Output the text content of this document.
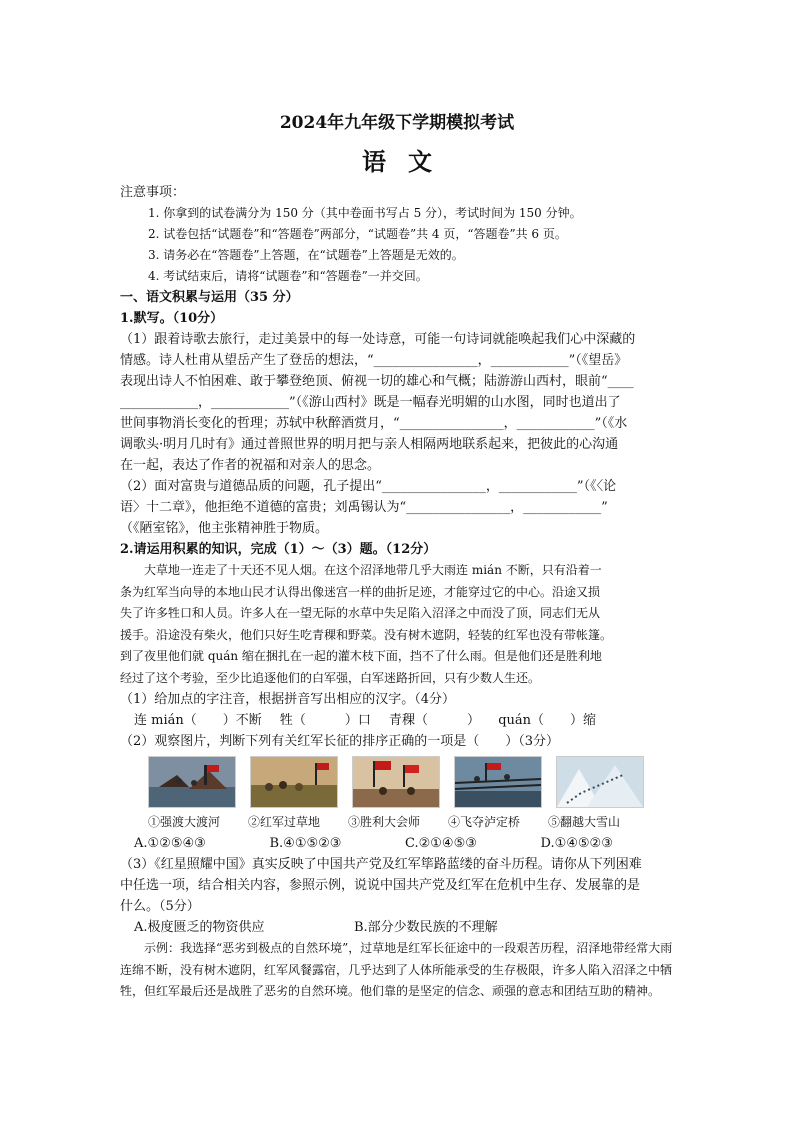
2024年九年级下学期模拟考试
语文
注意事项：
1. 你拿到的试卷满分为 150 分（其中卷面书写占 5 分），考试时间为 150 分钟。
2. 试卷包括“试题卷”和“答题卷”两部分，“试题卷”共 4 页，“答题卷”共 6 页。
3. 请务必在“答题卷”上答题，在“试题卷”上答题是无效的。
4. 考试结束后，请将“试题卷”和“答题卷”一并交回。
一、语文积累与运用（35 分）
1.默写。（10分）
（1）跟着诗歌去旅行，走过美景中的每一处诗意，可能一句诗词就能唤起我们心中深藏的
情感。诗人杜甫从望岳产生了登岳的想法，“________________，____________”（《望岳》
表现出诗人不怕困难、敢于攀登绝顶、俯视一切的雄心和气概；陆游游山西村，眼前“____
____________，____________”（《游山西村》既是一幅春光明媚的山水图，同时也道出了
世间事物消长变化的哲理；苏轼中秋醉酒赏月，“________________，____________”（《水
调歌头·明月几时有》通过普照世界的明月把与亲人相隔两地联系起来，把彼此的心沟通
在一起，表达了作者的祝福和对亲人的思念。
（2）面对富贵与道德品质的问题，孔子提出“________________，____________”（《〈论
语〉十二章》，他拒绝不道德的富贵；刘禹锡认为“________________，____________”
（《陋室铭》，他主张精神胜于物质。
2.请运用积累的知识，完成（1）～（3）题。（12分）
大草地一连走了十天还不见人烟。在这个沼泽地带几乎大雨连 mián 不断，只有沿着一
条为红军当向导的本地山民才认得出像迷宫一样的曲折足迹，才能穿过它的中心。沿途又损
失了许多牲口和人员。许多人在一望无际的水草中失足陷入沼泽之中而没了顶，同志们无从
援手。沿途没有柴火，他们只好生吃青稞和野菜。没有树木遮阴，轻装的红军也没有带帐篷。
到了夜里他们就 quán 缩在捆扎在一起的灌木枝下面，挡不了什么雨。但是他们还是胜利地
经过了这个考验，至少比追逐他们的白军强，白军迷路折回，只有少数人生还。
（1）给加点的字注音，根据拼音写出相应的汉字。（4分）
连 mián（　　）不断 牲（　　　）口 青稞（　　　） quán（　　）缩
（2）观察图片，判断下列有关红军长征的排序正确的一项是（　　）（3分）
①强渡大渡河	②红军过草地	③胜利大会师	④飞夺泸定桥	⑤翻越大雪山
A.①②⑤④③	B.④①⑤②③	C.②①④⑤③	D.①④⑤②③
（3）《红星照耀中国》真实反映了中国共产党及红军筚路蓝缕的奋斗历程。请你从下列困难
中任选一项，结合相关内容，参照示例，说说中国共产党及红军在危机中生存、发展靠的是
什么。（5分）
A.极度匮乏的物资供应	B.部分少数民族的不理解
示例：我选择“恶劣到极点的自然环境”，过草地是红军长征途中的一段艰苦历程，沼泽地带经常大雨连绵不断，没有树木遮阴，红军风餐露宿，几乎达到了人体所能承受的生存极限，许多人陷入沼泽之中牺牲，但红军最后还是战胜了恶劣的自然环境。他们靠的是坚定的信念、顽强的意志和团结互助的精神。
